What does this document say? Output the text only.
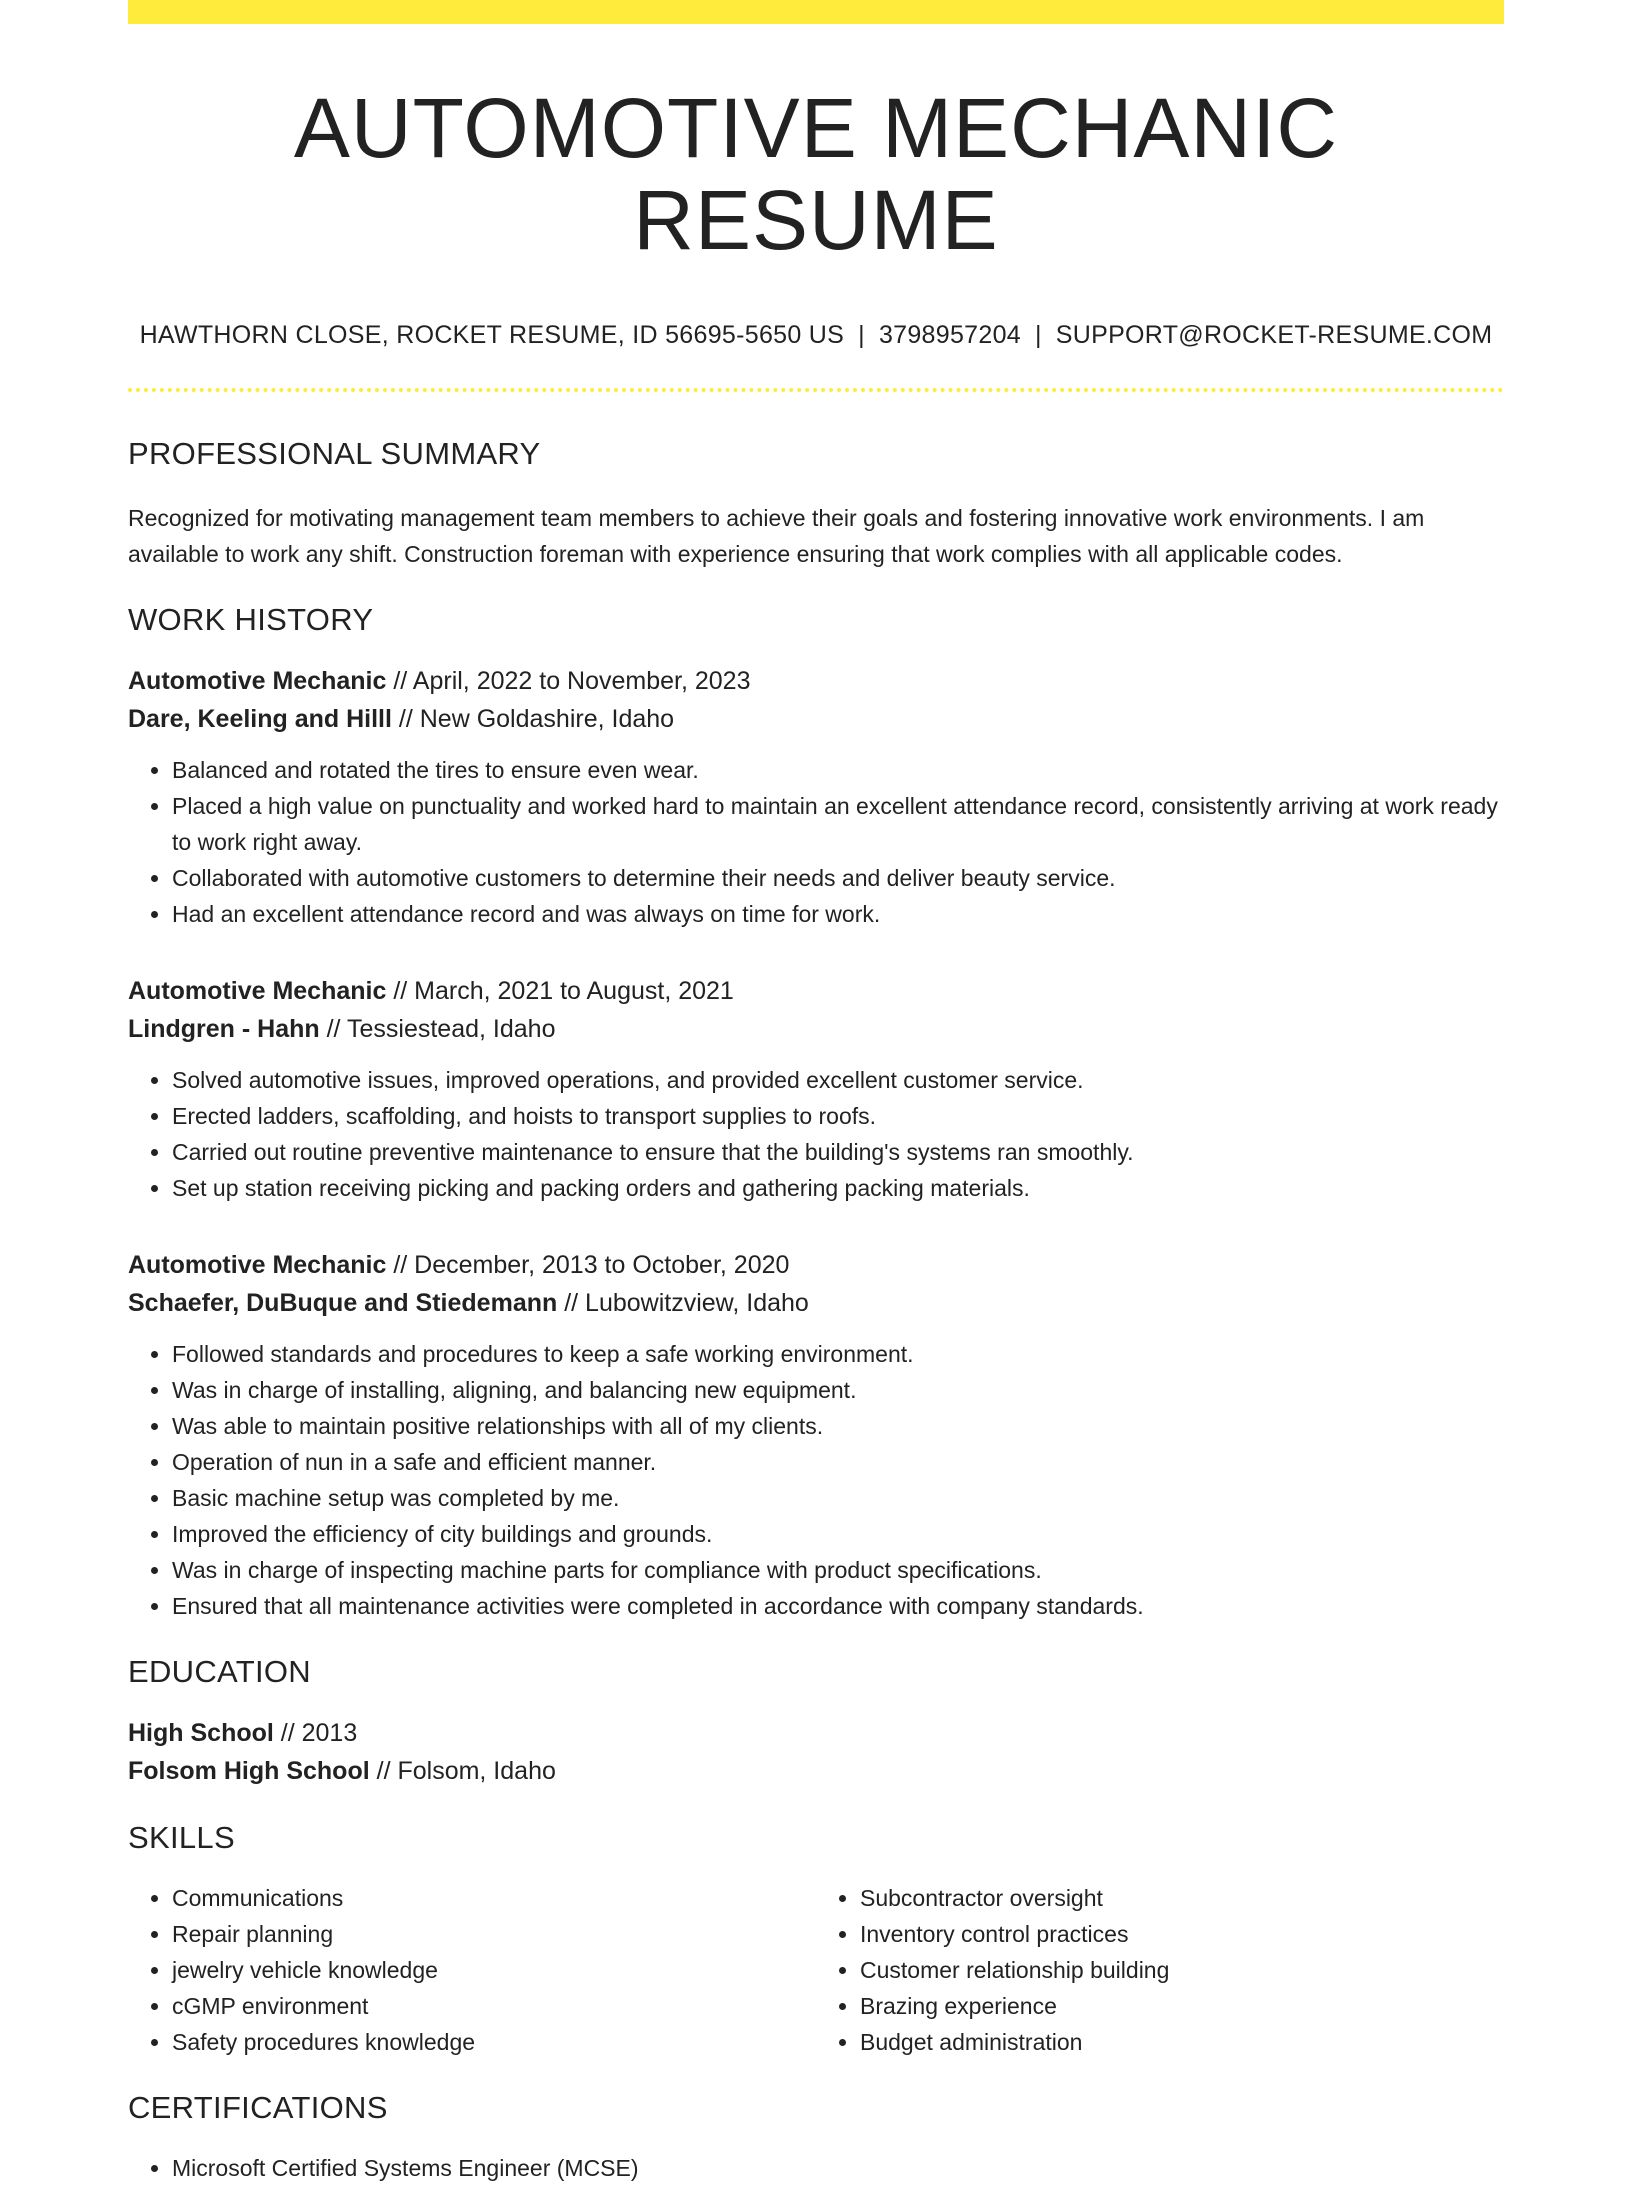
AUTOMOTIVE MECHANIC RESUME
HAWTHORN CLOSE, ROCKET RESUME, ID 56695-5650 US | 3798957204 | SUPPORT@ROCKET-RESUME.COM
PROFESSIONAL SUMMARY

Recognized for motivating management team members to achieve their goals and fostering innovative work environments. I am available to work any shift. Construction foreman with experience ensuring that work complies with all applicable codes.

WORK HISTORY
Automotive Mechanic // April, 2022 to November, 2023
Dare, Keeling and Hilll // New Goldashire, Idaho
• Balanced and rotated the tires to ensure even wear.
• Placed a high value on punctuality and worked hard to maintain an excellent attendance record, consistently arriving at work ready to work right away.
• Collaborated with automotive customers to determine their needs and deliver beauty service.
• Had an excellent attendance record and was always on time for work.
Automotive Mechanic // March, 2021 to August, 2021
Lindgren - Hahn // Tessiestead, Idaho
• Solved automotive issues, improved operations, and provided excellent customer service.
• Erected ladders, scaffolding, and hoists to transport supplies to roofs.
• Carried out routine preventive maintenance to ensure that the building's systems ran smoothly.
• Set up station receiving picking and packing orders and gathering packing materials.
Automotive Mechanic // December, 2013 to October, 2020
Schaefer, DuBuque and Stiedemann // Lubowitzview, Idaho
• Followed standards and procedures to keep a safe working environment.
• Was in charge of installing, aligning, and balancing new equipment.
• Was able to maintain positive relationships with all of my clients.
• Operation of nun in a safe and efficient manner.
• Basic machine setup was completed by me.
• Improved the efficiency of city buildings and grounds.
• Was in charge of inspecting machine parts for compliance with product specifications.
• Ensured that all maintenance activities were completed in accordance with company standards.
EDUCATION
High School // 2013
Folsom High School // Folsom, Idaho
SKILLS
• Communications
• Repair planning
• jewelry vehicle knowledge
• cGMP environment
• Safety procedures knowledge
• Subcontractor oversight
• Inventory control practices
• Customer relationship building
• Brazing experience
• Budget administration
CERTIFICATIONS
• Microsoft Certified Systems Engineer (MCSE)
